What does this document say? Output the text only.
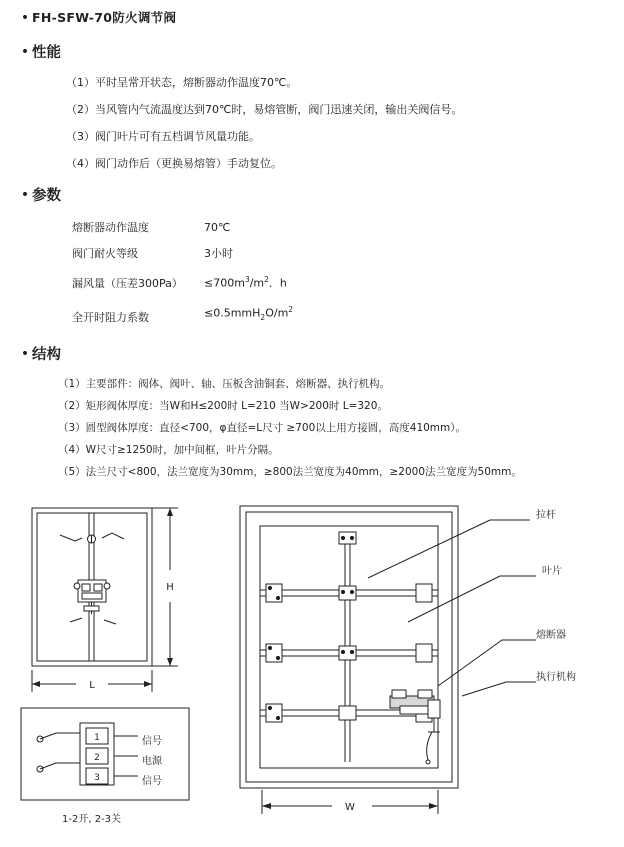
•
FH-SFW-70防火调节阀
•
性能
（1）平时呈常开状态，熔断器动作温度70℃。
（2）当风管内气流温度达到70℃时，易熔管断，阀门迅速关闭，输出关阀信号。
（3）阀门叶片可有五档调节风量功能。
（4）阀门动作后（更换易熔管）手动复位。
•
参数
熔断器动作温度	70℃
阀门耐火等级	3小时
漏风量（压差300Pa）	$\le 700m^3/m^2$．h
全开时阻力系数	$\le 0.5mmH_2O/m^2$
•
结构
（1）主要部件：阀体、阀叶、轴、压板含油铜套、熔断器、执行机构。
（2）矩形阀体厚度：当W和H≤200时 L=210 当W>200时 L=320。
（3）圆型阀体厚度：直径<700，φ直径=L尺寸 ≥700以上用方接圆，高度410mm）。
（4）W尺寸≥1250时，加中间框，叶片分隔。
（5）法兰尺寸<800，法兰宽度为30mm，≥800法兰宽度为40mm，≥2000法兰宽度为50mm。
H
L
1
2
3
信号
电源
信号
1-2开, 2-3关
W
拉杆
叶片
熔断器
执行机构
